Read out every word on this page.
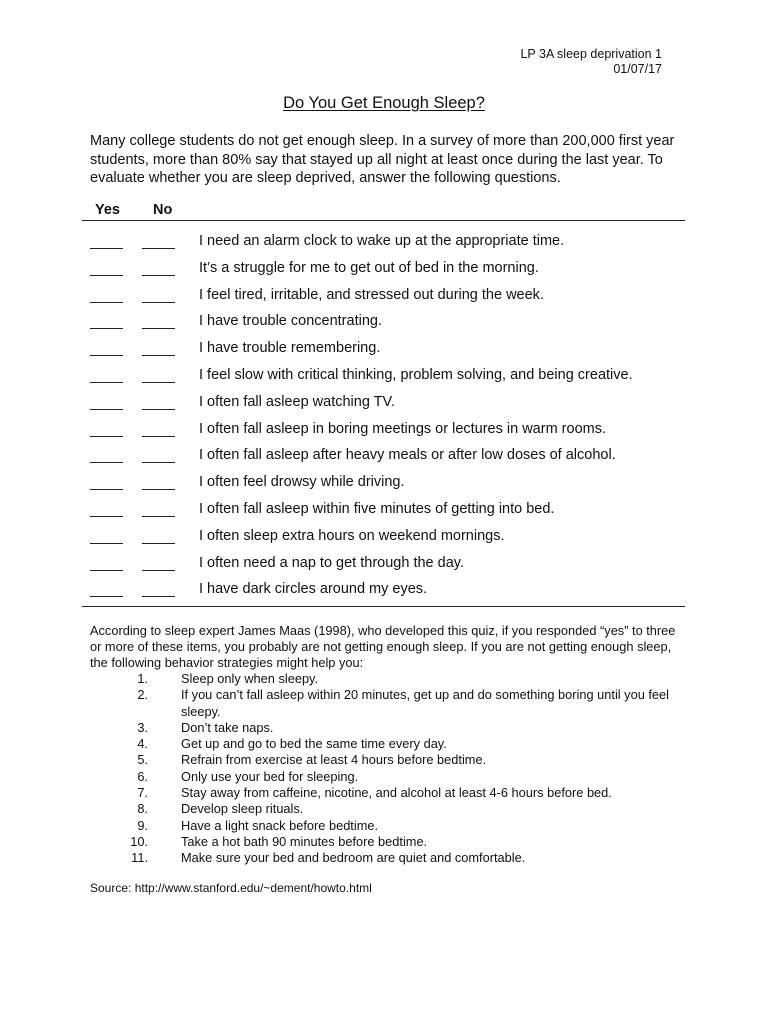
LP 3A sleep deprivation 1
01/07/17
Do You Get Enough Sleep?
Many college students do not get enough sleep. In a survey of more than 200,000 first year students, more than 80% say that stayed up all night at least once during the last year. To evaluate whether you are sleep deprived, answer the following questions.
Yes No
I need an alarm clock to wake up at the appropriate time.
It’s a struggle for me to get out of bed in the morning.
I feel tired, irritable, and stressed out during the week.
I have trouble concentrating.
I have trouble remembering.
I feel slow with critical thinking, problem solving, and being creative.
I often fall asleep watching TV.
I often fall asleep in boring meetings or lectures in warm rooms.
I often fall asleep after heavy meals or after low doses of alcohol.
I often feel drowsy while driving.
I often fall asleep within five minutes of getting into bed.
I often sleep extra hours on weekend mornings.
I often need a nap to get through the day.
I have dark circles around my eyes.
According to sleep expert James Maas (1998), who developed this quiz, if you responded “yes” to three or more of these items, you probably are not getting enough sleep. If you are not getting enough sleep, the following behavior strategies might help you:
1.	Sleep only when sleepy.
2.	If you can’t fall asleep within 20 minutes, get up and do something boring until you feel sleepy.
3.	Don’t take naps.
4.	Get up and go to bed the same time every day.
5.	Refrain from exercise at least 4 hours before bedtime.
6.	Only use your bed for sleeping.
7.	Stay away from caffeine, nicotine, and alcohol at least 4-6 hours before bed.
8.	Develop sleep rituals.
9.	Have a light snack before bedtime.
10.	Take a hot bath 90 minutes before bedtime.
11.	Make sure your bed and bedroom are quiet and comfortable.
Source: http://www.stanford.edu/~dement/howto.html
